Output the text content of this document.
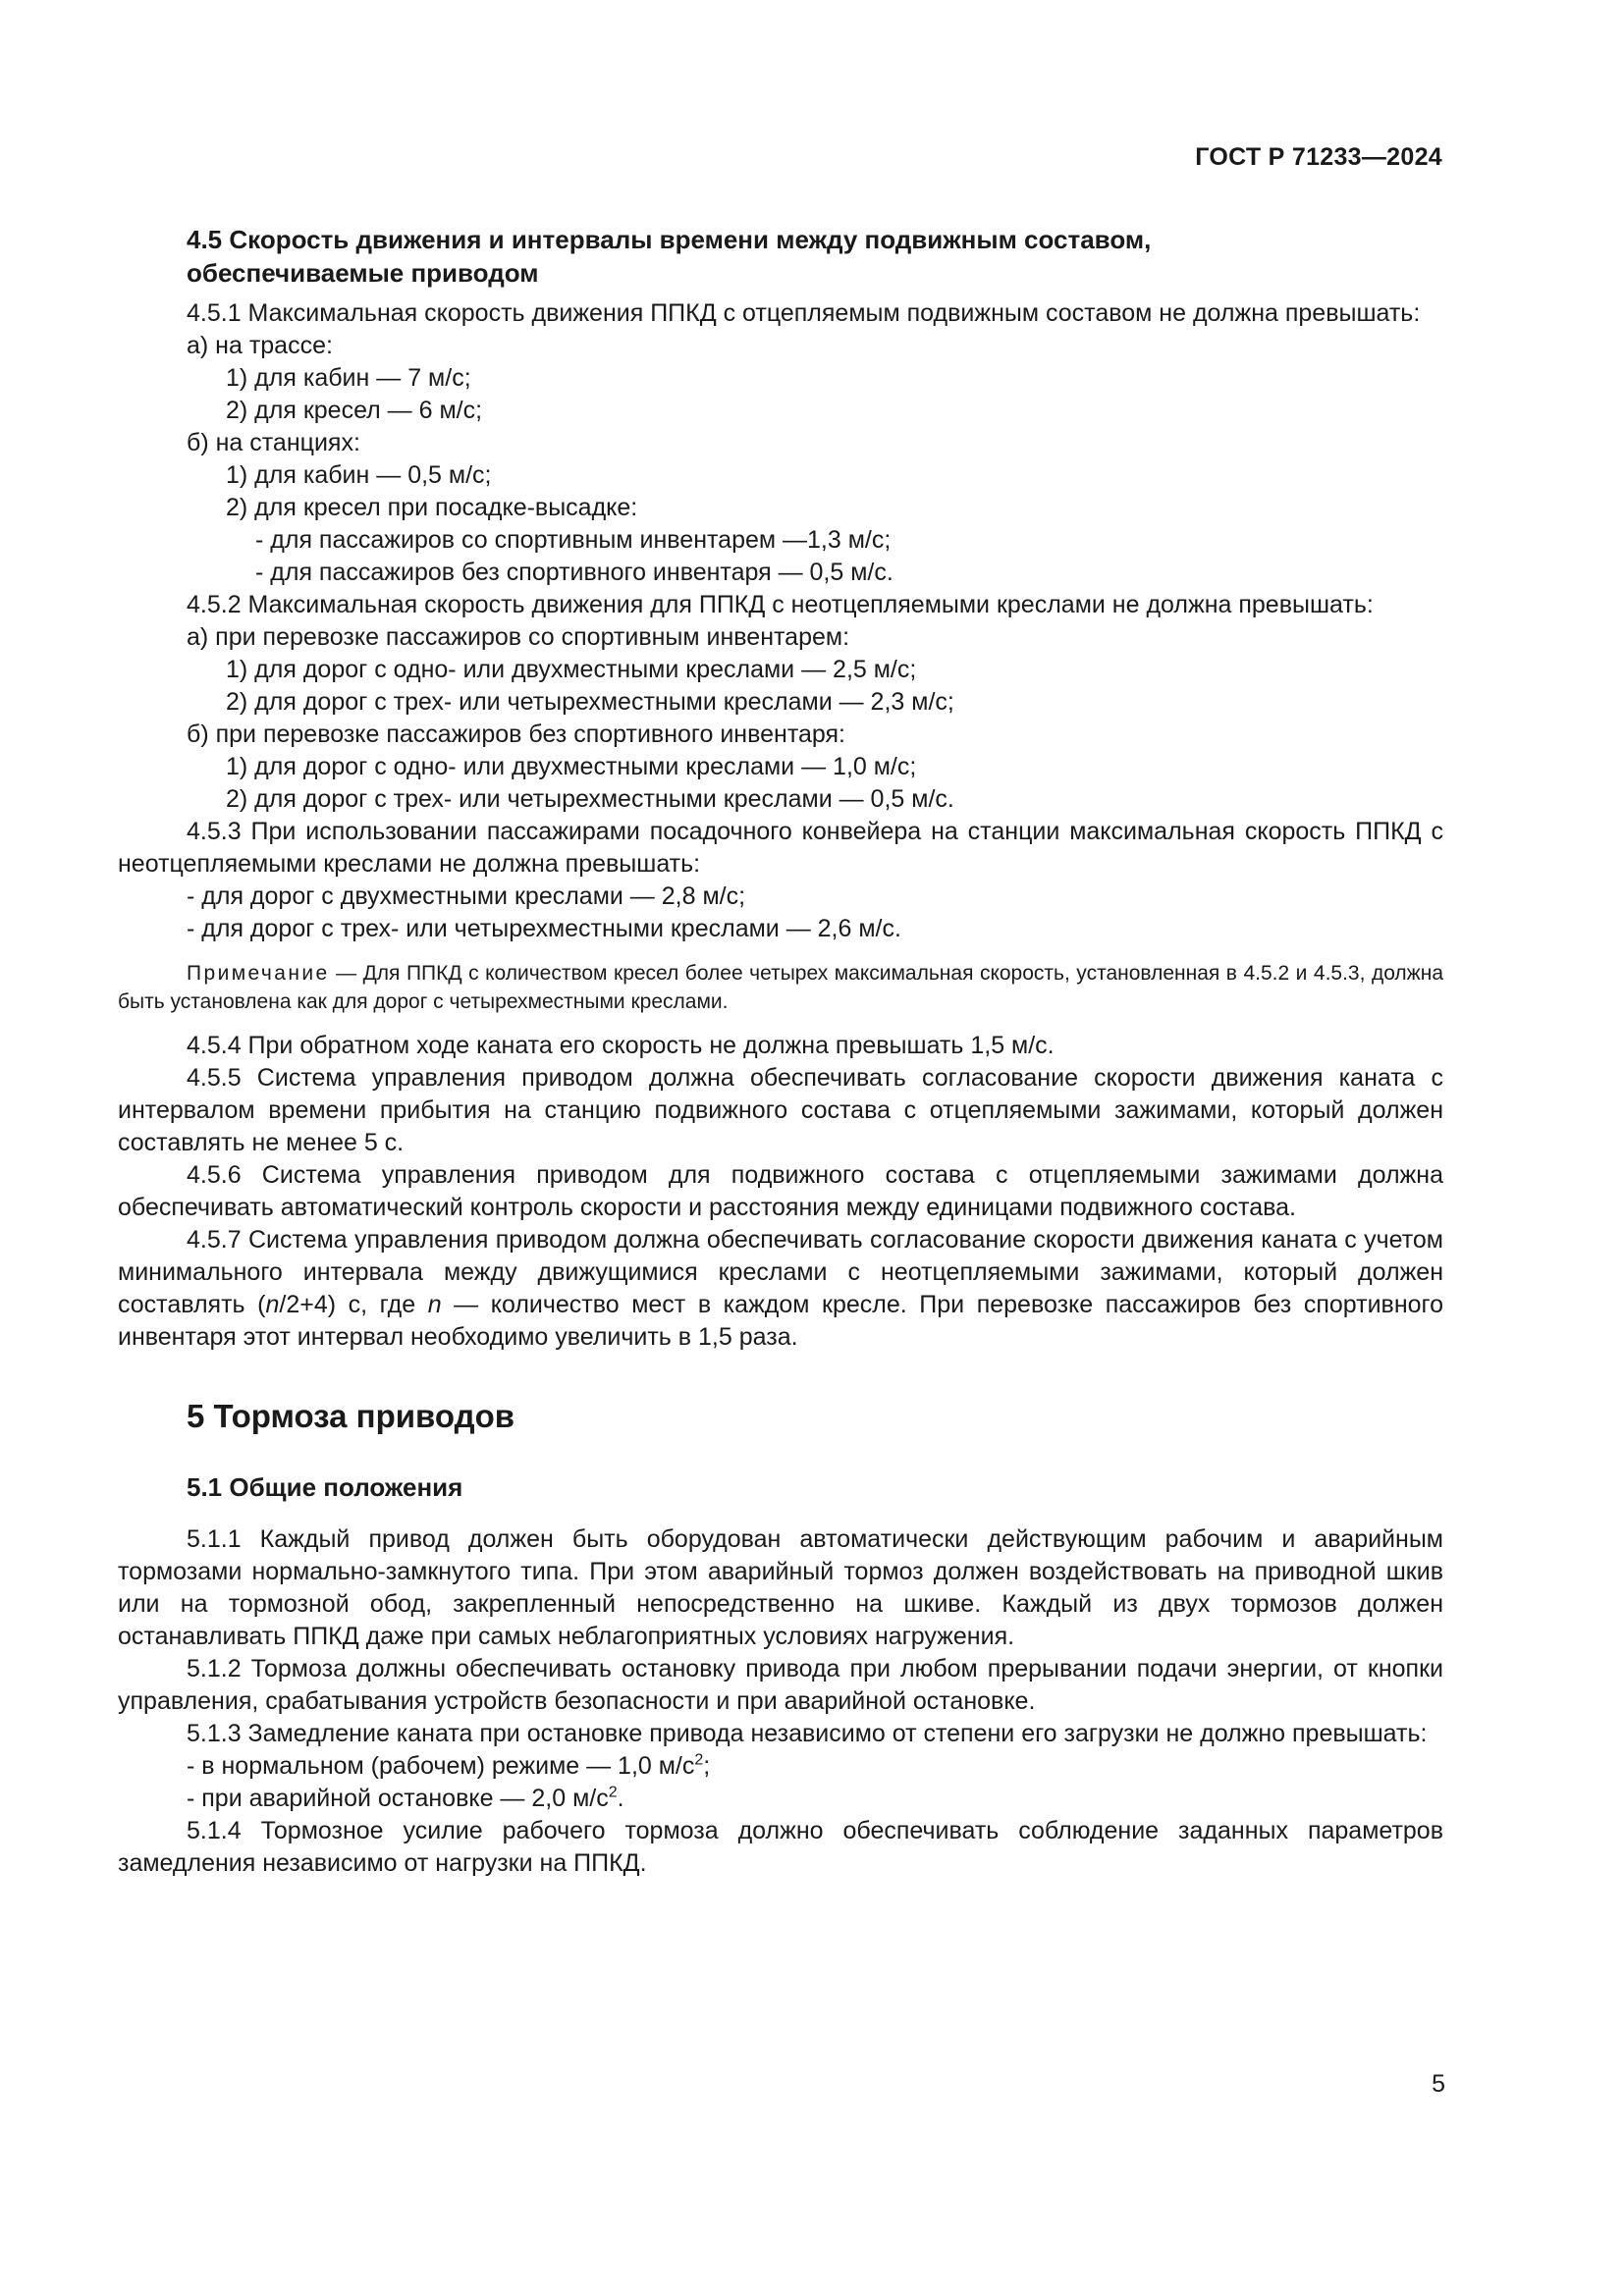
ГОСТ Р 71233—2024
4.5 Скорость движения и интервалы времени между подвижным составом,
обеспечиваемые приводом

4.5.1 Максимальная скорость движения ППКД с отцепляемым подвижным составом не должна превышать:

а) на трассе:

1) для кабин — 7 м/с;

2) для кресел — 6 м/с;

б) на станциях:

1) для кабин — 0,5 м/с;

2) для кресел при посадке-высадке:

- для пассажиров со спортивным инвентарем —1,3 м/с;

- для пассажиров без спортивного инвентаря — 0,5 м/с.

4.5.2 Максимальная скорость движения для ППКД с неотцепляемыми креслами не должна превышать:

а) при перевозке пассажиров со спортивным инвентарем:

1) для дорог с одно- или двухместными креслами — 2,5 м/с;

2) для дорог с трех- или четырехместными креслами — 2,3 м/с;

б) при перевозке пассажиров без спортивного инвентаря:

1) для дорог с одно- или двухместными креслами — 1,0 м/с;

2) для дорог с трех- или четырехместными креслами — 0,5 м/с.

4.5.3 При использовании пассажирами посадочного конвейера на станции максимальная скорость ППКД с неотцепляемыми креслами не должна превышать:

- для дорог с двухместными креслами — 2,8 м/с;

- для дорог с трех- или четырехместными креслами — 2,6 м/с.

Примечание — Для ППКД с количеством кресел более четырех максимальная скорость, установленная в 4.5.2 и 4.5.3, должна быть установлена как для дорог с четырехместными креслами.

4.5.4 При обратном ходе каната его скорость не должна превышать 1,5 м/с.

4.5.5 Система управления приводом должна обеспечивать согласование скорости движения каната с интервалом времени прибытия на станцию подвижного состава с отцепляемыми зажимами, который должен составлять не менее 5 с.

4.5.6 Система управления приводом для подвижного состава с отцепляемыми зажимами должна обеспечивать автоматический контроль скорости и расстояния между единицами подвижного состава.

4.5.7 Система управления приводом должна обеспечивать согласование скорости движения каната с учетом минимального интервала между движущимися креслами с неотцепляемыми зажимами, который должен составлять (n/2+4) с, где n — количество мест в каждом кресле. При перевозке пассажиров без спортивного инвентаря этот интервал необходимо увеличить в 1,5 раза.

5 Тормоза приводов
5.1 Общие положения

5.1.1 Каждый привод должен быть оборудован автоматически действующим рабочим и аварийным тормозами нормально-замкнутого типа. При этом аварийный тормоз должен воздействовать на приводной шкив или на тормозной обод, закрепленный непосредственно на шкиве. Каждый из двух тормозов должен останавливать ППКД даже при самых неблагоприятных условиях нагружения.

5.1.2 Тормоза должны обеспечивать остановку привода при любом прерывании подачи энергии, от кнопки управления, срабатывания устройств безопасности и при аварийной остановке.

5.1.3 Замедление каната при остановке привода независимо от степени его загрузки не должно превышать:

- в нормальном (рабочем) режиме — 1,0 $м/с^2$;

- при аварийной остановке — 2,0 $м/с^2$.

5.1.4 Тормозное усилие рабочего тормоза должно обеспечивать соблюдение заданных параметров замедления независимо от нагрузки на ППКД.

5
